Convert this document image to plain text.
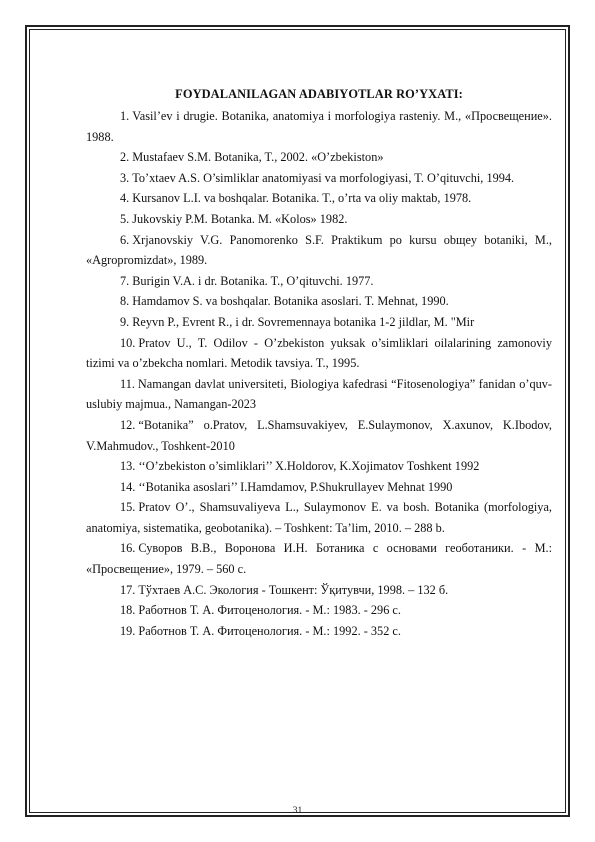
FOYDALANILAGAN ADABIYOTLAR RO’YXATI:
1. Vasil’ev i drugie. Botanika, anatomiya i morfologiya rasteniy. M., «Просвещение». 1988.
2. Mustafaev S.M. Botanika, T., 2002. «O’zbekiston»
3. To’xtaev A.S. O’simliklar anatomiyasi va morfologiyasi, T. O’qituvchi, 1994.
4. Kursanov L.I. va boshqalar. Botanika. T., o’rta va oliy maktab, 1978.
5. Jukovskiy P.M. Botanka. M. «Kolos» 1982.
6. Xrjanovskiy V.G. Panomorenko S.F. Praktikum po kursu obщey botaniki, M., «Agropromizdat», 1989.
7. Burigin V.A. i dr. Botanika. T., O’qituvchi. 1977.
8. Hamdamov S. va boshqalar. Botanika asoslari. T. Mehnat, 1990.
9. Reyvn P., Evrent R., i dr. Sovremennaya botanika 1-2 jildlar, M. "Mir
10. Pratov U., T. Odilov - O’zbekiston yuksak o’simliklari oilalarining zamonoviy tizimi va o’zbekcha nomlari. Metodik tavsiya. T., 1995.
11. Namangan davlat universiteti, Biologiya kafedrasi “Fitosenologiya” fanidan o’quv-uslubiy majmua., Namangan-2023
12. “Botanika” o.Pratov, L.Shamsuvakiyev, E.Sulaymonov, X.axunov, K.Ibodov, V.Mahmudov., Toshkent-2010
13. ‘‘O’zbekiston o’simliklari’’ X.Holdorov, K.Xojimatov Toshkent 1992
14. ‘‘Botanika asoslari’’ I.Hamdamov, P.Shukrullayev Mehnat 1990
15. Pratov O’., Shamsuvaliyeva L., Sulaymonov E. va bosh. Botanika (morfologiya, anatomiya, sistematika, geobotanika). – Toshkent: Ta’lim, 2010. – 288 b.
16. Суворов В.В., Воронова И.Н. Ботаника с основами геоботаники. - М.: «Просвещение», 1979. – 560 с.
17. Тўхтаев А.С. Экология - Тошкент: Ўқитувчи, 1998. – 132 б.
18. Работнов Т. А. Фитоценология. - М.: 1983. - 296 с.
19. Работнов Т. А. Фитоценология. - М.: 1992. - 352 с.
31
